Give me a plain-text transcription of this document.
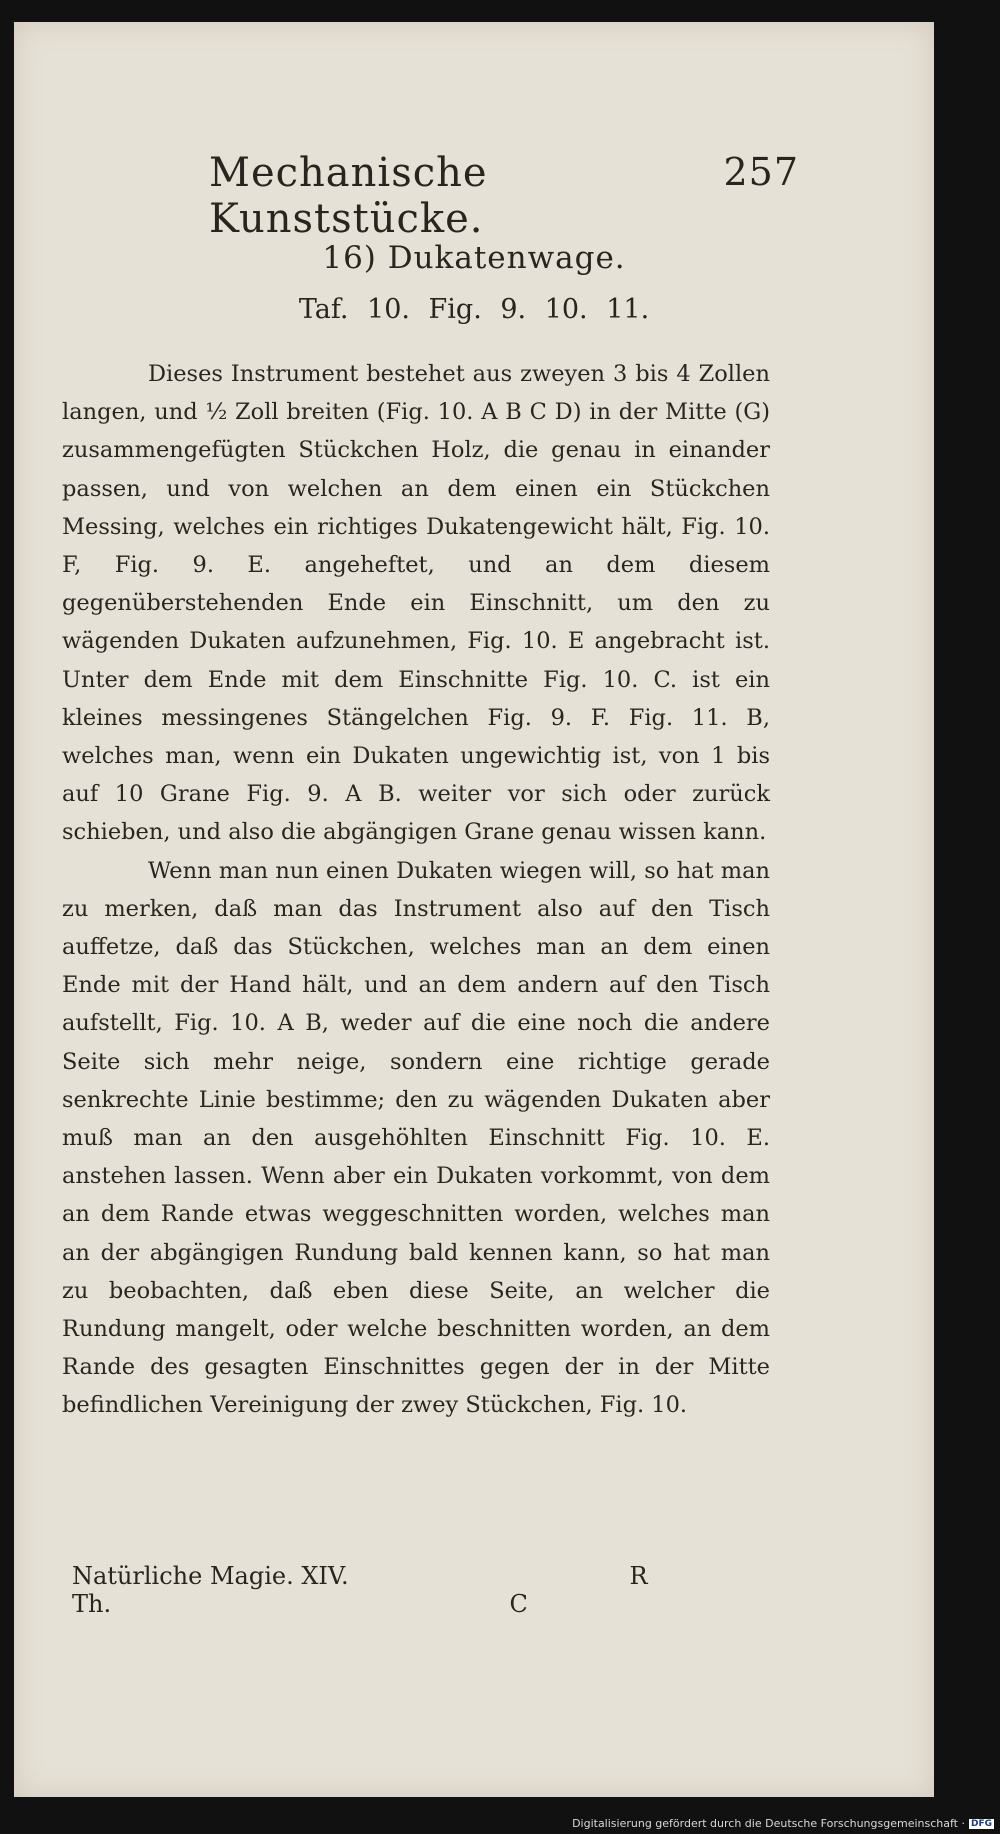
Mechanische Kunststücke.
257
16) Dukatenwage.
Taf. 10. Fig. 9. 10. 11.

Dieses Instrument bestehet aus zweyen 3 bis 4 Zollen langen, und ½ Zoll breiten (Fig. 10. A B C D) in der Mitte (G) zusammengefügten Stückchen Holz, die genau in einander passen, und von welchen an dem einen ein Stückchen Messing, welches ein richtiges Dukatengewicht hält, Fig. 10. F, Fig. 9. E. angeheftet, und an dem diesem gegenüberstehenden Ende ein Einschnitt, um den zu wägenden Dukaten aufzunehmen, Fig. 10. E angebracht ist. Unter dem Ende mit dem Einschnitte Fig. 10. C. ist ein kleines messingenes Stängelchen Fig. 9. F. Fig. 11. B, welches man, wenn ein Dukaten ungewichtig ist, von 1 bis auf 10 Grane Fig. 9. A B. weiter vor sich oder zurück schieben, und also die abgängigen Grane genau wissen kann.

Wenn man nun einen Dukaten wiegen will, so hat man zu merken, daß man das Instrument also auf den Tisch auffetze, daß das Stückchen, welches man an dem einen Ende mit der Hand hält, und an dem andern auf den Tisch aufstellt, Fig. 10. A B, weder auf die eine noch die andere Seite sich mehr neige, sondern eine richtige gerade senkrechte Linie bestimme; den zu wägenden Dukaten aber muß man an den ausgehöhlten Einschnitt Fig. 10. E. anstehen lassen. Wenn aber ein Dukaten vorkommt, von dem an dem Rande etwas weggeschnitten worden, welches man an der abgängigen Rundung bald kennen kann, so hat man zu beobachten, daß eben diese Seite, an welcher die Rundung mangelt, oder welche beschnitten worden, an dem Rande des gesagten Einschnittes gegen der in der Mitte befindlichen Vereinigung der zwey Stückchen, Fig. 10.

Natürliche Magie. XIV. Th.
R C
Digitalisierung gefördert durch die Deutsche Forschungsgemeinschaft · DFG
